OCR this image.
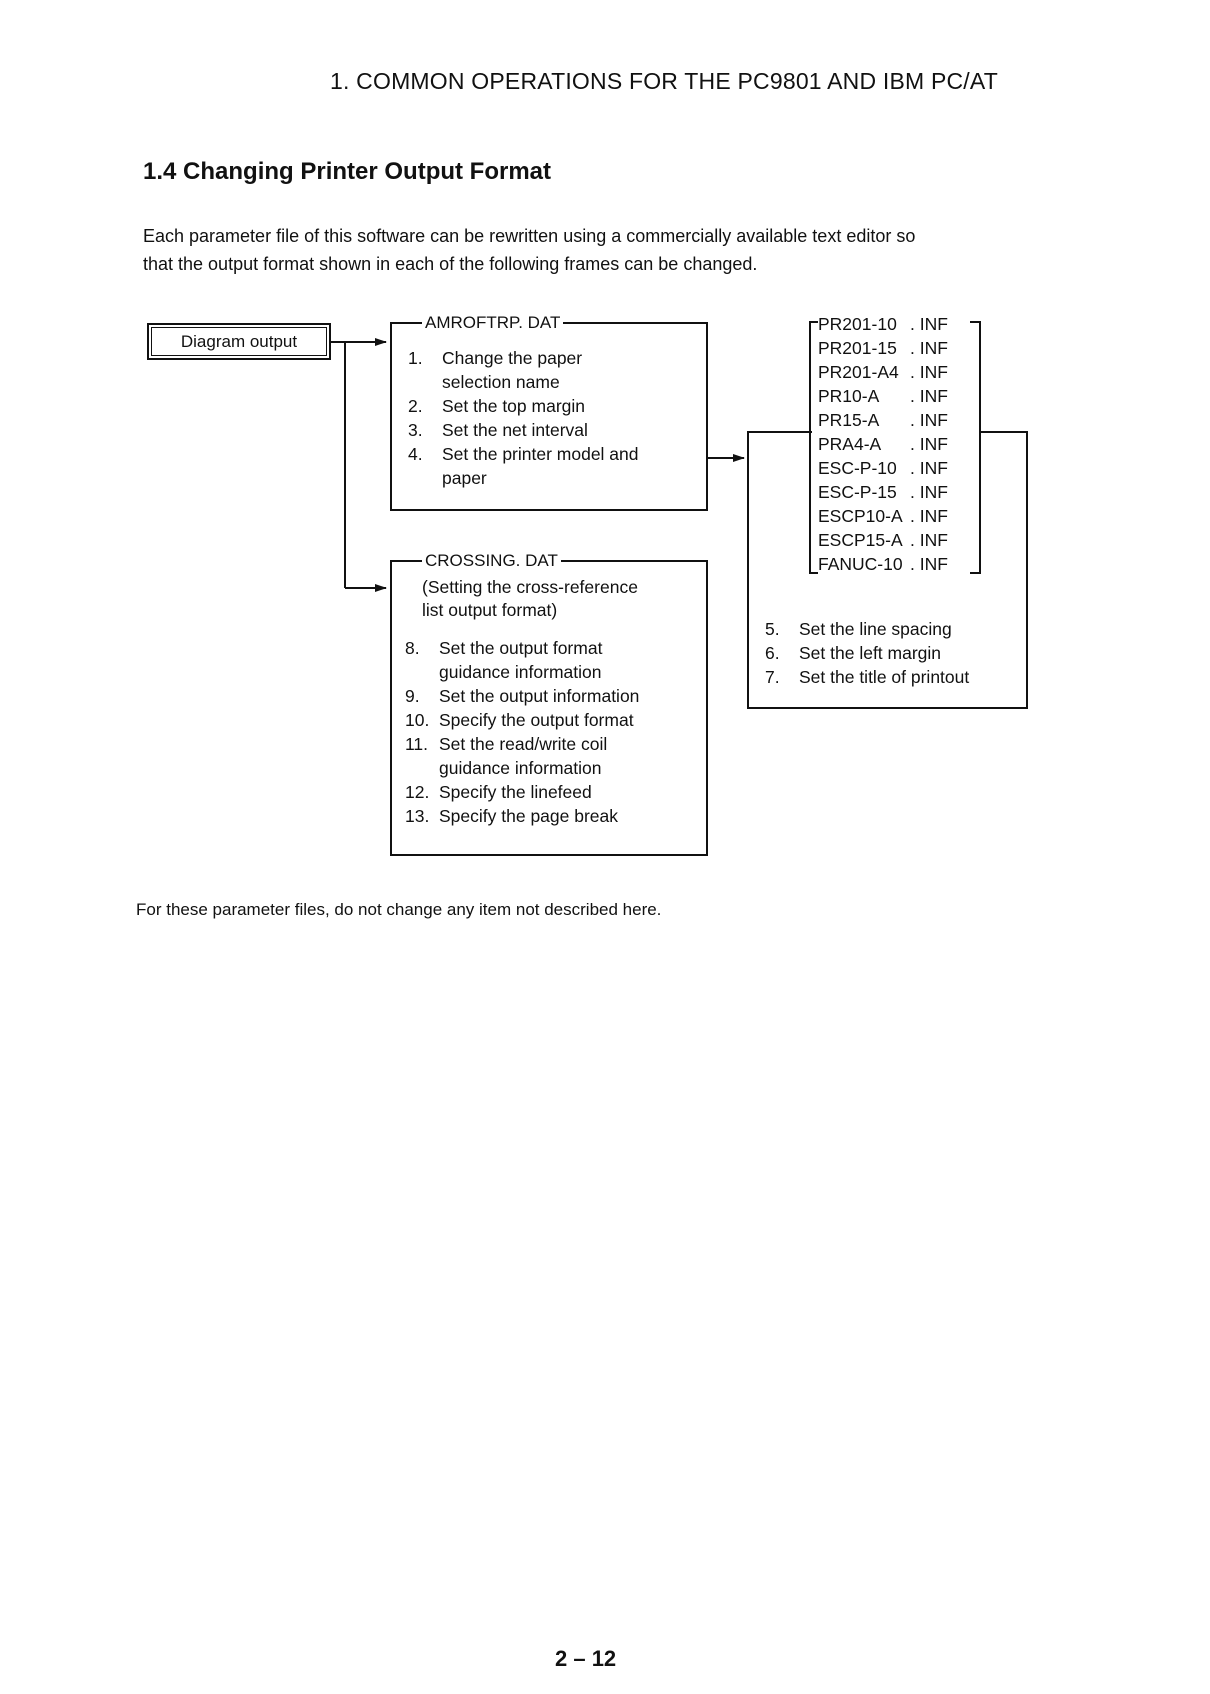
1. COMMON OPERATIONS FOR THE PC9801 AND IBM PC/AT
1.4 Changing Printer Output Format
Each parameter file of this software can be rewritten using a commercially available text editor so
that the output format shown in each of the following frames can be changed.
Diagram output
AMROFTRP. DAT
1.	Change the paper
selection name
2.	Set the top margin
3.	Set the net interval
4.	Set the printer model and
paper
CROSSING. DAT
(Setting the cross-reference
list output format)
8.	Set the output format
guidance information
9.	Set the output information
10. Specify the output format
11. Set the read/write coil
guidance information
12. Specify the linefeed
13. Specify the page break
PR201-10 . INF
PR201-15 . INF
PR201-A4 . INF
PR10-A	. INF
PR15-A	. INF
PRA4-A	. INF
ESC-P-10 . INF
ESC-P-15 . INF
ESCP10-A . INF
ESCP15-A . INF
FANUC-10 . INF
5.	Set the line spacing
6.	Set the left margin
7.	Set the title of printout
For these parameter files, do not change any item not described here.
2 – 12
